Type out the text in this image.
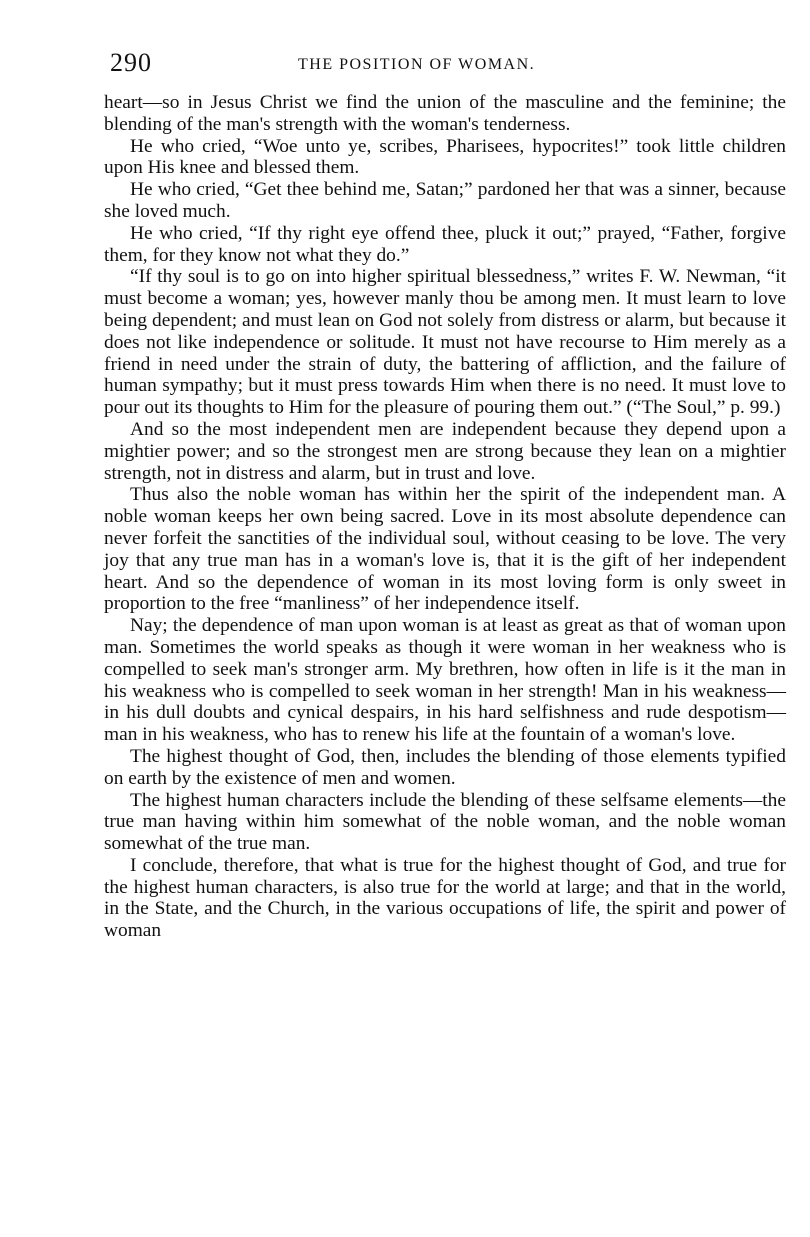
290	THE POSITION OF WOMAN.

heart—so in Jesus Christ we find the union of the masculine and the feminine; the blending of the man's strength with the woman's tenderness.

He who cried, “Woe unto ye, scribes, Pharisees, hypocrites!” took little children upon His knee and blessed them.

He who cried, “Get thee behind me, Satan;” pardoned her that was a sinner, because she loved much.

He who cried, “If thy right eye offend thee, pluck it out;” prayed, “Father, forgive them, for they know not what they do.”

“If thy soul is to go on into higher spiritual blessedness,” writes F. W. Newman, “it must become a woman; yes, however manly thou be among men. It must learn to love being dependent; and must lean on God not solely from distress or alarm, but because it does not like independence or solitude. It must not have recourse to Him merely as a friend in need under the strain of duty, the battering of affliction, and the failure of human sympathy; but it must press towards Him when there is no need. It must love to pour out its thoughts to Him for the pleasure of pouring them out.” (“The Soul,” p. 99.)

And so the most independent men are independent because they depend upon a mightier power; and so the strongest men are strong because they lean on a mightier strength, not in distress and alarm, but in trust and love.

Thus also the noble woman has within her the spirit of the independent man. A noble woman keeps her own being sacred. Love in its most absolute dependence can never forfeit the sanctities of the individual soul, without ceasing to be love. The very joy that any true man has in a woman's love is, that it is the gift of her independent heart. And so the dependence of woman in its most loving form is only sweet in proportion to the free “manliness” of her independence itself.

Nay; the dependence of man upon woman is at least as great as that of woman upon man. Sometimes the world speaks as though it were woman in her weakness who is compelled to seek man's stronger arm. My brethren, how often in life is it the man in his weakness who is compelled to seek woman in her strength! Man in his weakness—in his dull doubts and cynical despairs, in his hard selfishness and rude despotism—man in his weakness, who has to renew his life at the fountain of a woman's love.

The highest thought of God, then, includes the blending of those elements typified on earth by the existence of men and women.

The highest human characters include the blending of these selfsame elements—the true man having within him somewhat of the noble woman, and the noble woman somewhat of the true man.

I conclude, therefore, that what is true for the highest thought of God, and true for the highest human characters, is also true for the world at large; and that in the world, in the State, and the Church, in the various occupations of life, the spirit and power of woman
